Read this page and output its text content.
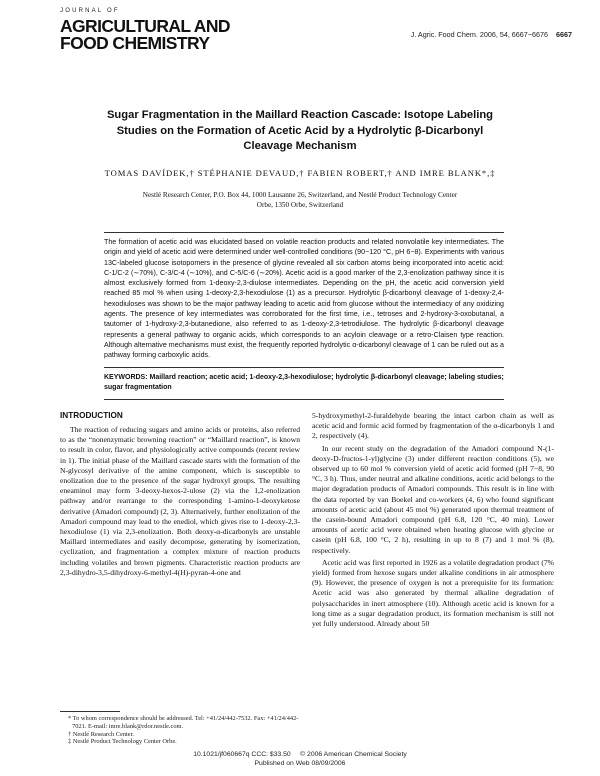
JOURNAL OF
AGRICULTURAL AND
FOOD CHEMISTRY	J. Agric. Food Chem. 2006, 54, 6667−6676 6667
Sugar Fragmentation in the Maillard Reaction Cascade: Isotope Labeling Studies on the Formation of Acetic Acid by a Hydrolytic β-Dicarbonyl Cleavage Mechanism
TOMAS DAVÍDEK,† STÉPHANIE DEVAUD,† FABIEN ROBERT,† AND IMRE BLANK*,‡
Nestlé Research Center, P.O. Box 44, 1000 Lausanne 26, Switzerland, and Nestlé Product Technology Center Orbe, 1350 Orbe, Switzerland
The formation of acetic acid was elucidated based on volatile reaction products and related nonvolatile key intermediates. The origin and yield of acetic acid were determined under well-controlled conditions (90−120 °C, pH 6−8). Experiments with various 13C-labeled glucose isotopomers in the presence of glycine revealed all six carbon atoms being incorporated into acetic acid: C-1/C-2 (∼70%), C-3/C-4 (∼10%), and C-5/C-6 (∼20%). Acetic acid is a good marker of the 2,3-enolization pathway since it is almost exclusively formed from 1-deoxy-2,3-diulose intermediates. Depending on the pH, the acetic acid conversion yield reached 85 mol % when using 1-deoxy-2,3-hexodiulose (1) as a precursor. Hydrolytic β-dicarbonyl cleavage of 1-deoxy-2,4-hexodiuloses was shown to be the major pathway leading to acetic acid from glucose without the intermediacy of any oxidizing agents. The presence of key intermediates was corroborated for the first time, i.e., tetroses and 2-hydroxy-3-oxobutanal, a tautomer of 1-hydroxy-2,3-butanedione, also referred to as 1-deoxy-2,3-tetrodiulose. The hydrolytic β-dicarbonyl cleavage represents a general pathway to organic acids, which corresponds to an acyloin cleavage or a retro-Claisen type reaction. Although alternative mechanisms must exist, the frequently reported hydrolytic α-dicarbonyl cleavage of 1 can be ruled out as a pathway forming carboxylic acids.
INTRODUCTION

The reaction of reducing sugars and amino acids or proteins, also referred to as the “nonenzymatic browning reaction” or “Maillard reaction”, is known to result in color, flavor, and physiologically active compounds (recent review in 1). The initial phase of the Maillard cascade starts with the formation of the N-glycosyl derivative of the amine component, which is susceptible to enolization due to the presence of the sugar hydroxyl groups. The resulting eneaminol may form 3-deoxy-hexos-2-ulose (2) via the 1,2-enolization pathway and/or rearrange to the corresponding 1-amino-1-deoxyketose derivative (Amadori compound) (2, 3). Alternatively, further enolization of the Amadori compound may lead to the enediol, which gives rise to 1-deoxy-2,3-hexodiulose (1) via 2,3-enolization. Both deoxy-α-dicarbonyls are unstable Maillard intermediates and easily decompose, generating by isomerization, cyclization, and fragmentation a complex mixture of reaction products including volatiles and brown pigments. Characteristic reaction products are 2,3-dihydro-3,5-dihydroxy-6-methyl-4(H)-pyran-4-one and

5-hydroxymethyl-2-furaldehyde bearing the intact carbon chain as well as acetic acid and formic acid formed by fragmentation of the α-dicarbonyls 1 and 2, respectively (4).

In our recent study on the degradation of the Amadori compound N-(1-deoxy-D-fructos-1-yl)glycine (3) under different reaction conditions (5), we observed up to 60 mol % conversion yield of acetic acid formed (pH 7−8, 90 °C, 3 h). Thus, under neutral and alkaline conditions, acetic acid belongs to the major degradation products of Amadori compounds. This result is in line with the data reported by van Boekel and co-workers (4, 6) who found significant amounts of acetic acid (about 45 mol %) generated upon thermal treatment of the casein-bound Amadori compound (pH 6.8, 120 °C, 40 min). Lower amounts of acetic acid were obtained when heating glucose with glycine or casein (pH 6.8, 100 °C, 2 h), resulting in up to 8 (7) and 1 mol % (8), respectively.

Acetic acid was first reported in 1926 as a volatile degradation product (7% yield) formed from hexose sugars under alkaline conditions in air atmosphere (9). However, the presence of oxygen is not a prerequisite for its formation: Acetic acid was also generated by thermal alkaline degradation of polysaccharides in inert atmosphere (10). Although acetic acid is known for a long time as a sugar degradation product, its formation mechanism is still not yet fully understood. Already about 50

* To whom correspondence should be addressed. Tel: +41/24/442-7532. Fax: +41/24/442-7021. E-mail: imre.blank@rdor.nestle.com.
† Nestlé Research Center.
‡ Nestlé Product Technology Center Orbe.
10.1021/jf060667q CCC: $33.50     © 2006 American Chemical Society
Published on Web 08/09/2006
KEYWORDS: Maillard reaction; acetic acid; 1-deoxy-2,3-hexodiulose; hydrolytic β-dicarbonyl cleavage; labeling studies; sugar fragmentation
